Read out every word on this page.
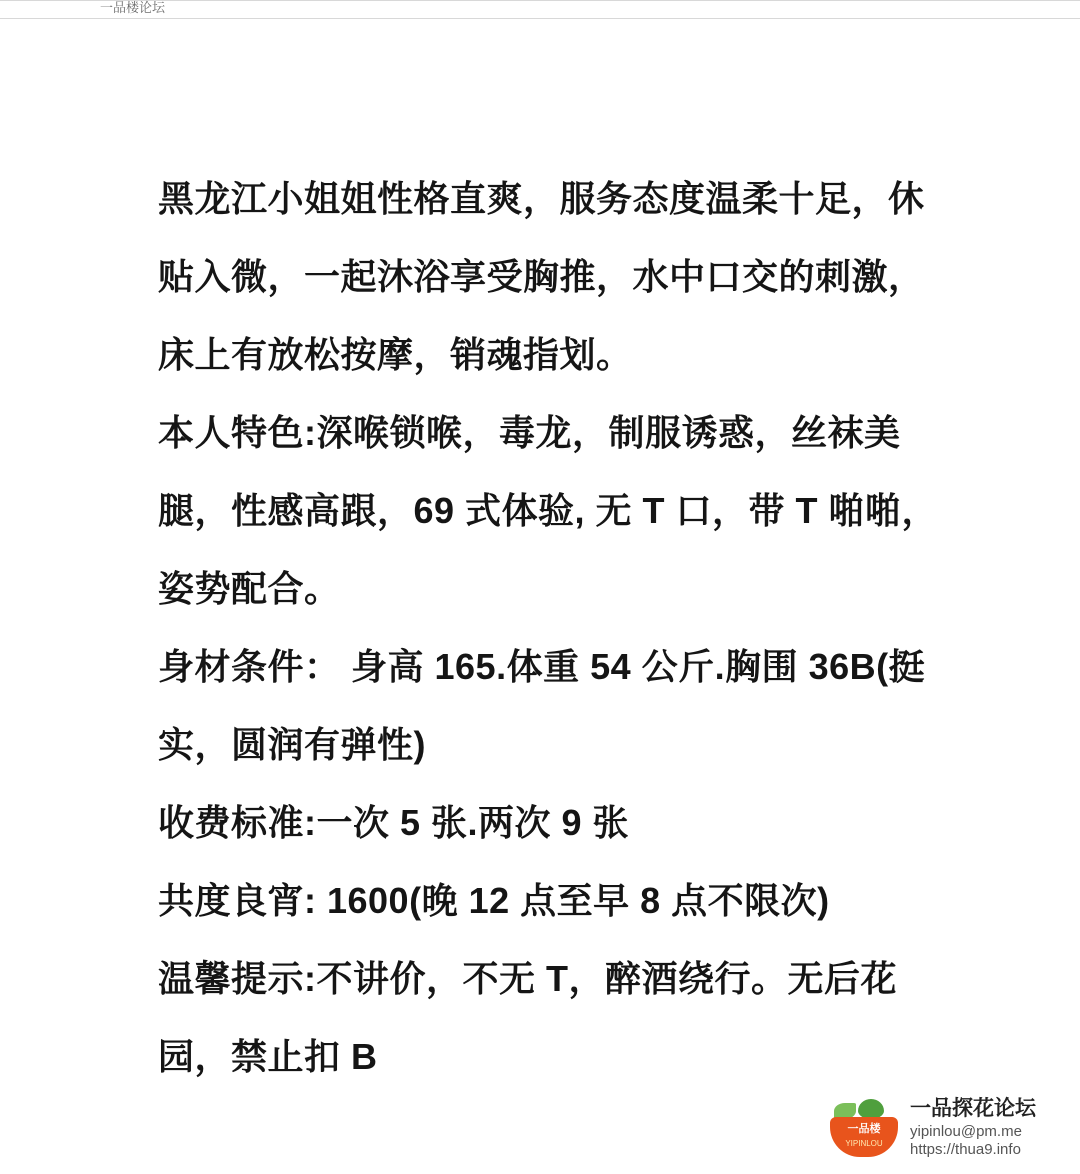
一品楼论坛

黑龙江小姐姐性格直爽，服务态度温柔十足，休贴入微，一起沐浴享受胸推，水中口交的刺激，床上有放松按摩，销魂指划。

本人特色:深喉锁喉，毒龙，制服诱惑，丝袜美腿，性感高跟，69 式体验, 无 T 口，带 T 啪啪，姿势配合。

身材条件： 身高 165.体重 54 公斤.胸围 36B(挺实，圆润有弹性)

收费标准:一次 5 张.两次 9 张

共度良宵: 1600(晚 12 点至早 8 点不限次)

温馨提示:不讲价，不无 T，醉酒绕行。无后花园，禁止扣 B

一品楼
YIPINLOU
一品探花论坛
yipinlou@pm.me
https://thua9.info
